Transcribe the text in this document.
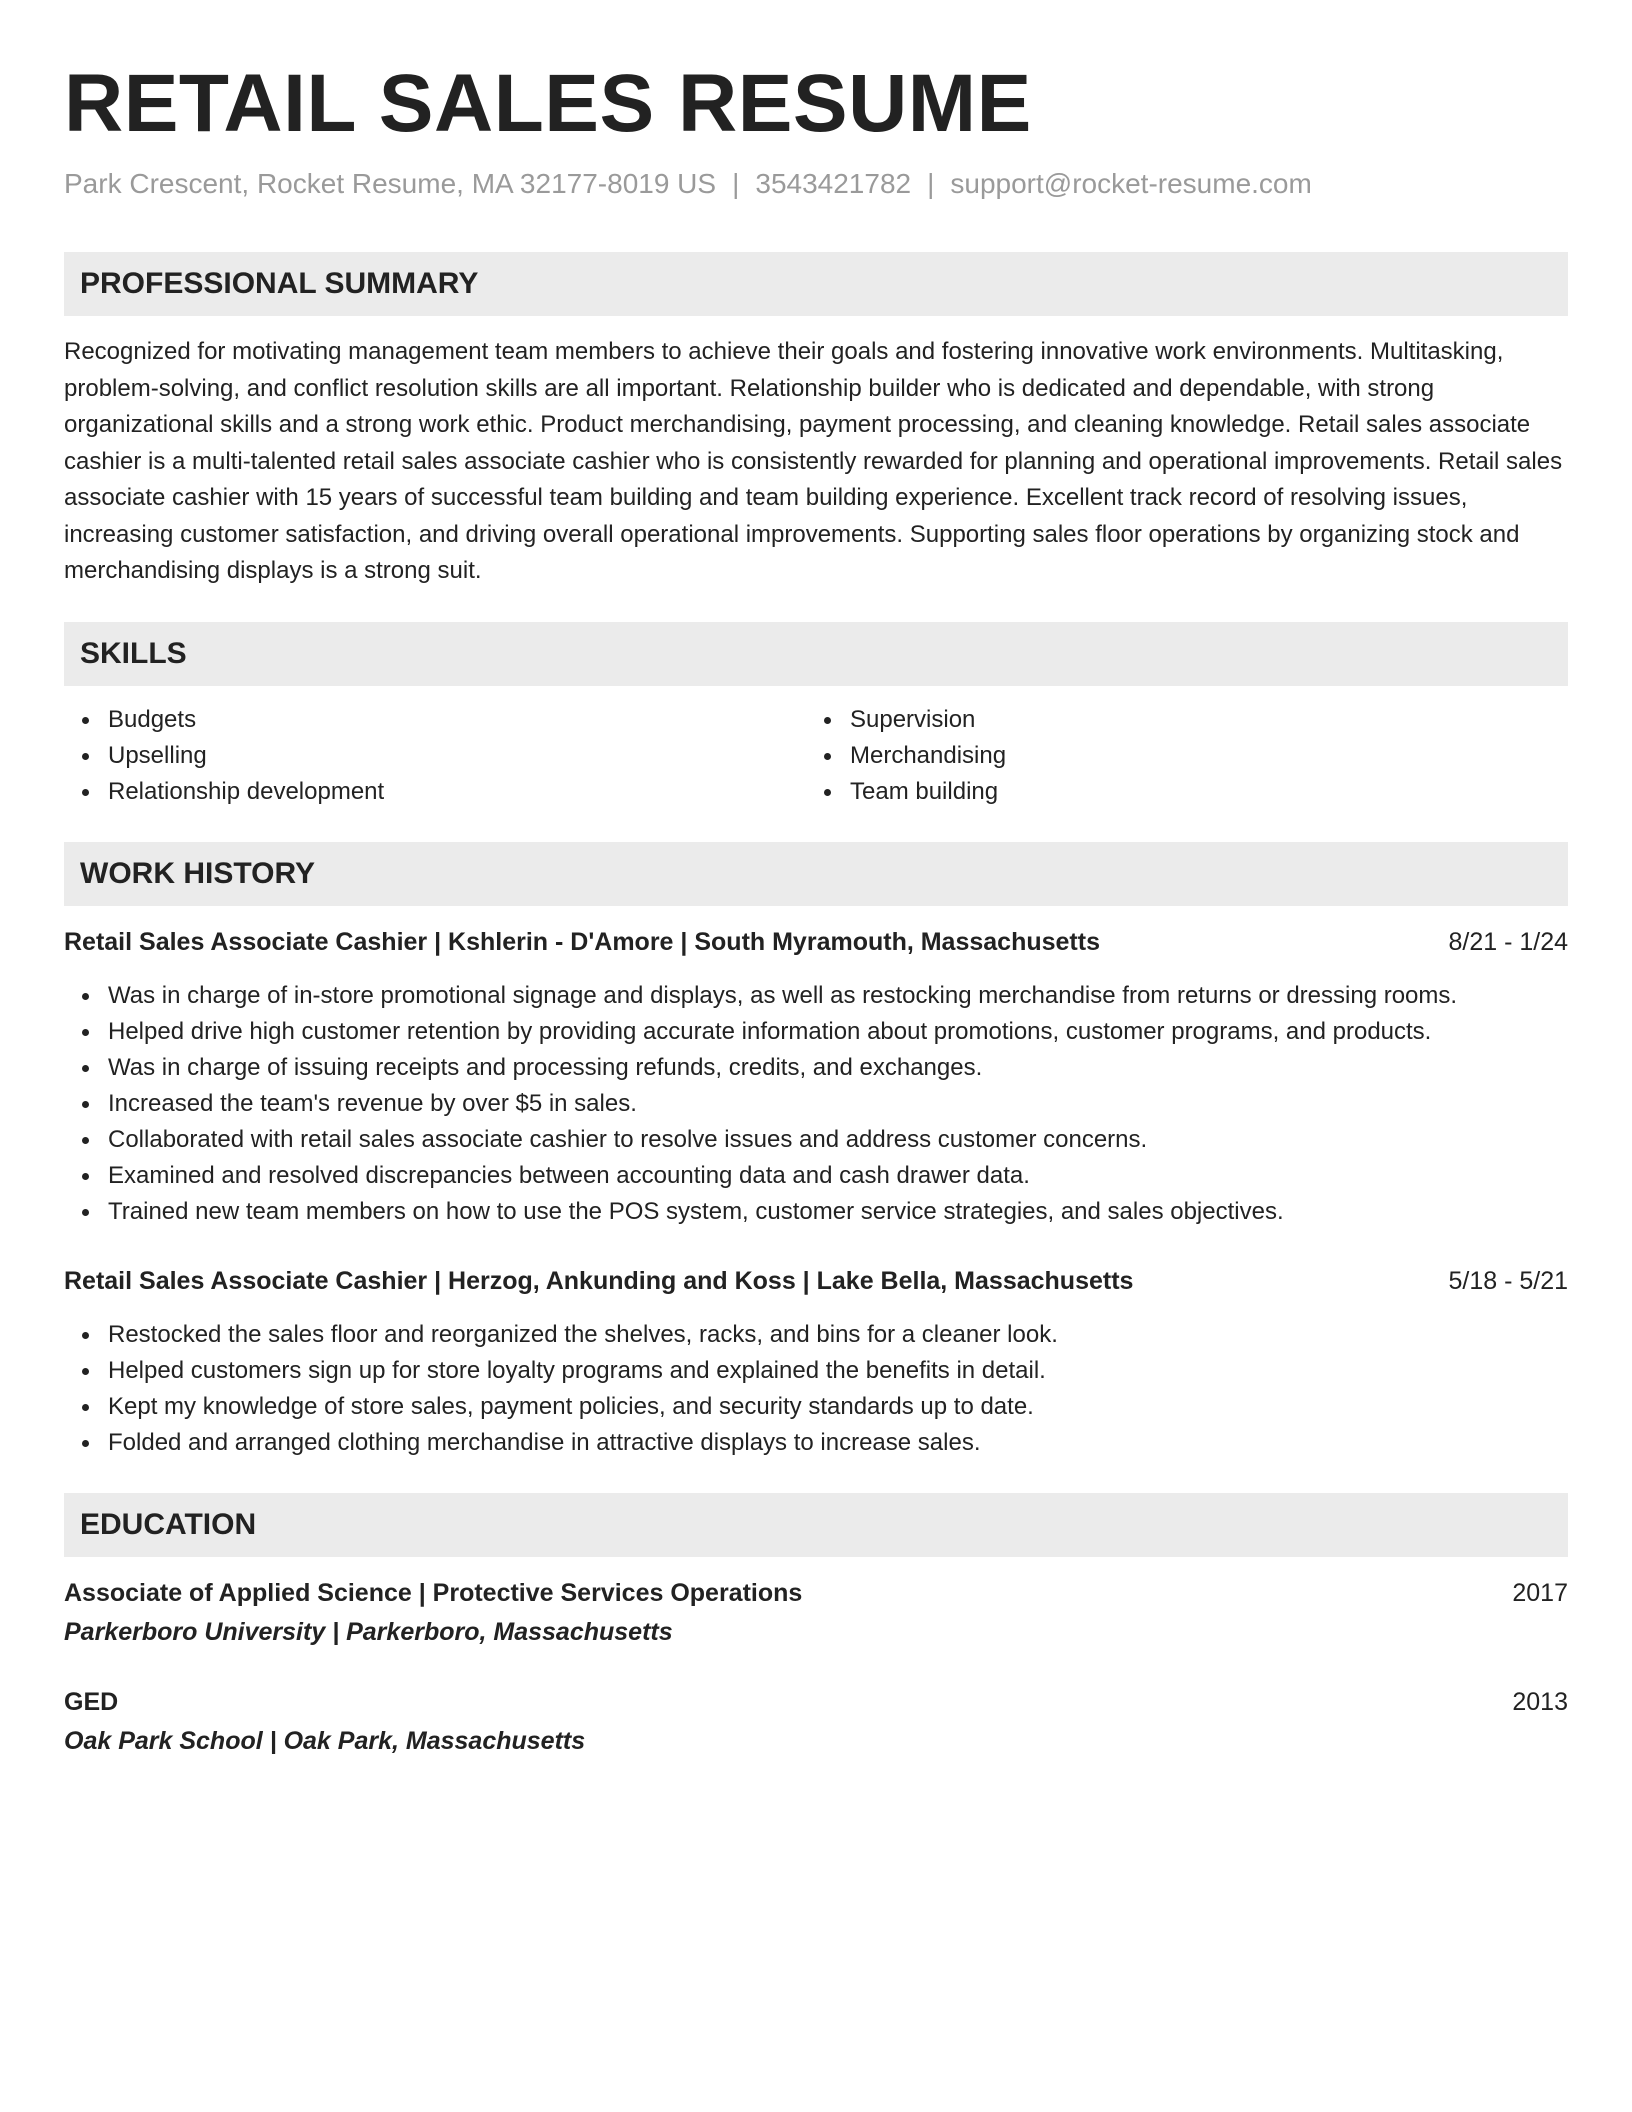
RETAIL SALES RESUME
Park Crescent, Rocket Resume, MA 32177-8019 US | 3543421782 | support@rocket-resume.com
PROFESSIONAL SUMMARY

Recognized for motivating management team members to achieve their goals and fostering innovative work environments. Multitasking, problem-solving, and conflict resolution skills are all important. Relationship builder who is dedicated and dependable, with strong organizational skills and a strong work ethic. Product merchandising, payment processing, and cleaning knowledge. Retail sales associate cashier is a multi-talented retail sales associate cashier who is consistently rewarded for planning and operational improvements. Retail sales associate cashier with 15 years of successful team building and team building experience. Excellent track record of resolving issues, increasing customer satisfaction, and driving overall operational improvements. Supporting sales floor operations by organizing stock and merchandising displays is a strong suit.

SKILLS
Budgets
Upselling
Relationship development
Supervision
Merchandising
Team building
WORK HISTORY
Retail Sales Associate Cashier | Kshlerin - D'Amore | South Myramouth, Massachusetts	8/21 - 1/24
Was in charge of in-store promotional signage and displays, as well as restocking merchandise from returns or dressing rooms.
Helped drive high customer retention by providing accurate information about promotions, customer programs, and products.
Was in charge of issuing receipts and processing refunds, credits, and exchanges.
Increased the team's revenue by over $5 in sales.
Collaborated with retail sales associate cashier to resolve issues and address customer concerns.
Examined and resolved discrepancies between accounting data and cash drawer data.
Trained new team members on how to use the POS system, customer service strategies, and sales objectives.
Retail Sales Associate Cashier | Herzog, Ankunding and Koss | Lake Bella, Massachusetts	5/18 - 5/21
Restocked the sales floor and reorganized the shelves, racks, and bins for a cleaner look.
Helped customers sign up for store loyalty programs and explained the benefits in detail.
Kept my knowledge of store sales, payment policies, and security standards up to date.
Folded and arranged clothing merchandise in attractive displays to increase sales.
EDUCATION
Associate of Applied Science | Protective Services Operations	2017
Parkerboro University | Parkerboro, Massachusetts
GED	2013
Oak Park School | Oak Park, Massachusetts
